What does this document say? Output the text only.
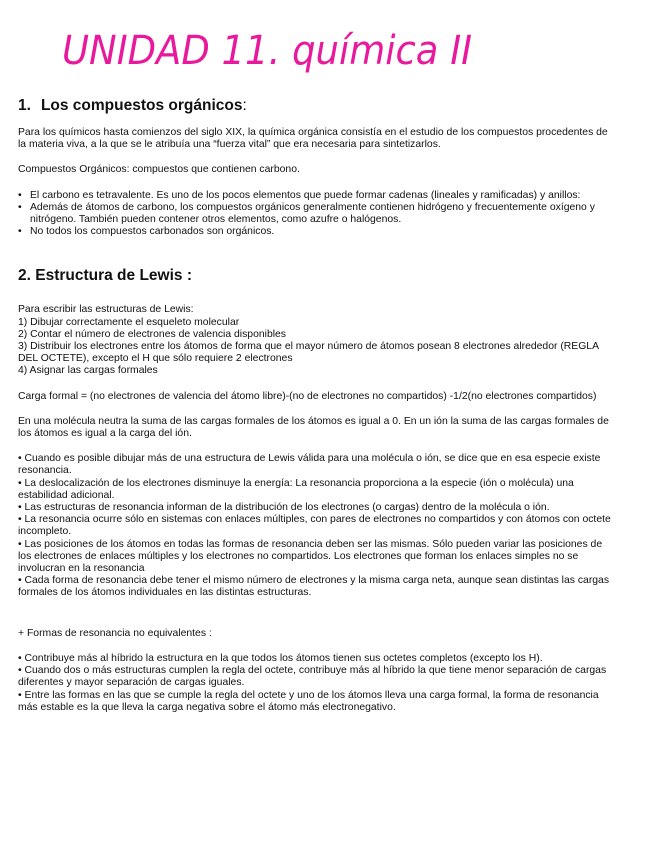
UNIDAD 11. química II
1. Los compuestos orgánicos:

Para los químicos hasta comienzos del siglo XIX, la química orgánica consistía en el estudio de los compuestos procedentes de la materia viva, a la que se le atribuía una “fuerza vital” que era necesaria para sintetizarlos.

Compuestos Orgánicos: compuestos que contienen carbono.

• El carbono es tetravalente. Es uno de los pocos elementos que puede formar cadenas (lineales y ramificadas) y anillos:
• Además de átomos de carbono, los compuestos orgánicos generalmente contienen hidrógeno y frecuentemente oxígeno y nitrógeno. También pueden contener otros elementos, como azufre o halógenos.
• No todos los compuestos carbonados son orgánicos.
2. Estructura de Lewis :

Para escribir las estructuras de Lewis:

1) Dibujar correctamente el esqueleto molecular

2) Contar el número de electrones de valencia disponibles

3) Distribuir los electrones entre los átomos de forma que el mayor número de átomos posean 8 electrones alrededor (REGLA DEL OCTETE), excepto el H que sólo requiere 2 electrones

4) Asignar las cargas formales

Carga formal = (no electrones de valencia del átomo libre)-(no de electrones no compartidos) -1/2(no electrones compartidos)

En una molécula neutra la suma de las cargas formales de los átomos es igual a 0. En un ión la suma de las cargas formales de los átomos es igual a la carga del ión.

• Cuando es posible dibujar más de una estructura de Lewis válida para una molécula o ión, se dice que en esa especie existe resonancia.

• La deslocalización de los electrones disminuye la energía: La resonancia proporciona a la especie (ión o molécula) una estabilidad adicional.

• Las estructuras de resonancia informan de la distribución de los electrones (o cargas) dentro de la molécula o ión.

• La resonancia ocurre sólo en sistemas con enlaces múltiples, con pares de electrones no compartidos y con átomos con octete incompleto.

• Las posiciones de los átomos en todas las formas de resonancia deben ser las mismas. Sólo pueden variar las posiciones de los electrones de enlaces múltiples y los electrones no compartidos. Los electrones que forman los enlaces simples no se involucran en la resonancia

• Cada forma de resonancia debe tener el mismo número de electrones y la misma carga neta, aunque sean distintas las cargas formales de los átomos individuales en las distintas estructuras.

+ Formas de resonancia no equivalentes :

• Contribuye más al híbrido la estructura en la que todos los átomos tienen sus octetes completos (excepto los H).

• Cuando dos o más estructuras cumplen la regla del octete, contribuye más al híbrido la que tiene menor separación de cargas diferentes y mayor separación de cargas iguales.

• Entre las formas en las que se cumple la regla del octete y uno de los átomos lleva una carga formal, la forma de resonancia más estable es la que lleva la carga negativa sobre el átomo más electronegativo.
